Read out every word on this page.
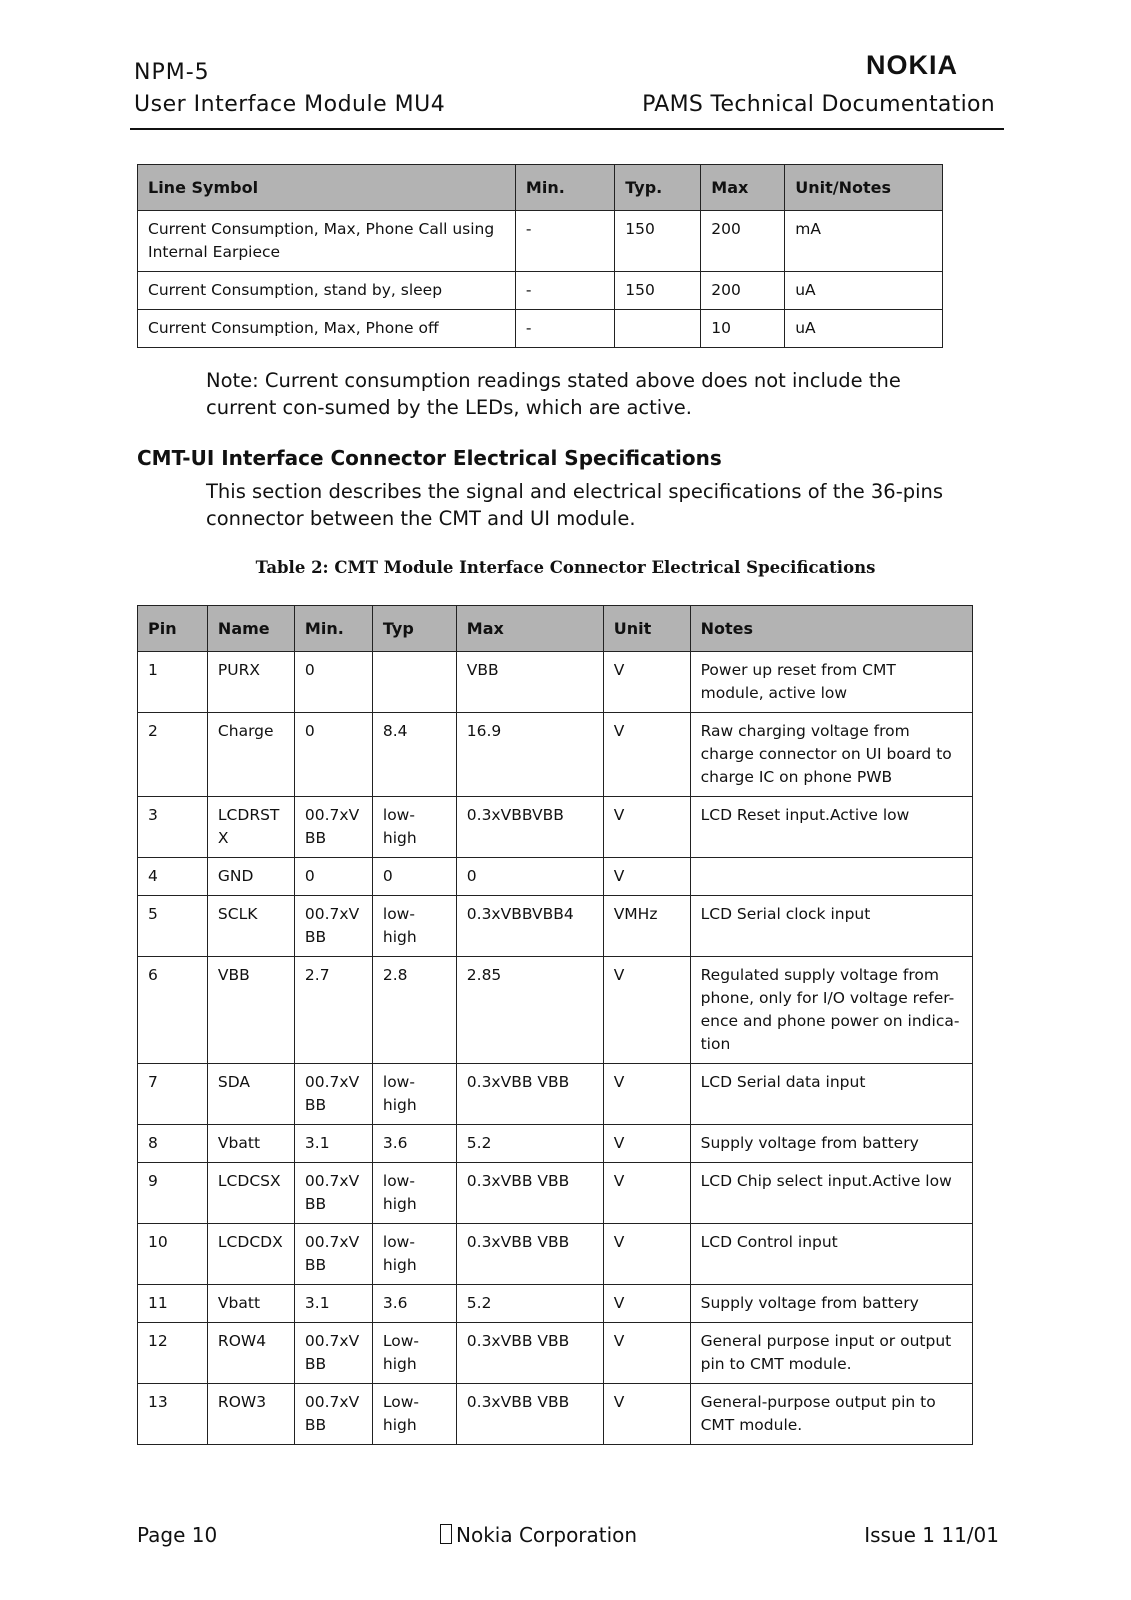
NPM-5
User Interface Module MU4
NOKIA
PAMS Technical Documentation
Line Symbol	Min.	Typ.	Max	Unit/Notes
Current Consumption, Max, Phone Call using Internal Earpiece	-	150	200	mA
Current Consumption, stand by, sleep	-	150	200	uA
Current Consumption, Max, Phone off	-		10	uA
Note: Current consumption readings stated above does not include the current con-sumed by the LEDs, which are active.
CMT-UI Interface Connector Electrical Specifications
This section describes the signal and electrical specifications of the 36-pins connector between the CMT and UI module.
Table 2: CMT Module Interface Connector Electrical Specifications
Pin	Name	Min.	Typ	Max	Unit	Notes
1	PURX	0		VBB	V	Power up reset from CMT module, active low
2	Charge	0	8.4	16.9	V	Raw charging voltage from charge connector on UI board to charge IC on phone PWB
3	LCDRST X	00.7xV BB	low-high	0.3xVBBVBB	V	LCD Reset input.Active low
4	GND	0	0	0	V	
5	SCLK	00.7xV BB	low-high	0.3xVBBVBB4	VMHz	LCD Serial clock input
6	VBB	2.7	2.8	2.85	V	Regulated supply voltage from phone, only for I/O voltage refer-ence and phone power on indica-tion
7	SDA	00.7xV BB	low-high	0.3xVBB VBB	V	LCD Serial data input
8	Vbatt	3.1	3.6	5.2	V	Supply voltage from battery
9	LCDCSX	00.7xV BB	low-high	0.3xVBB VBB	V	LCD Chip select input.Active low
10	LCDCDX	00.7xV BB	low-high	0.3xVBB VBB	V	LCD Control input
11	Vbatt	3.1	3.6	5.2	V	Supply voltage from battery
12	ROW4	00.7xV BB	Low-high	0.3xVBB VBB	V	General purpose input or output pin to CMT module.
13	ROW3	00.7xV BB	Low-high	0.3xVBB VBB	V	General-purpose output pin to CMT module.
Page 10	Nokia Corporation	Issue 1 11/01
